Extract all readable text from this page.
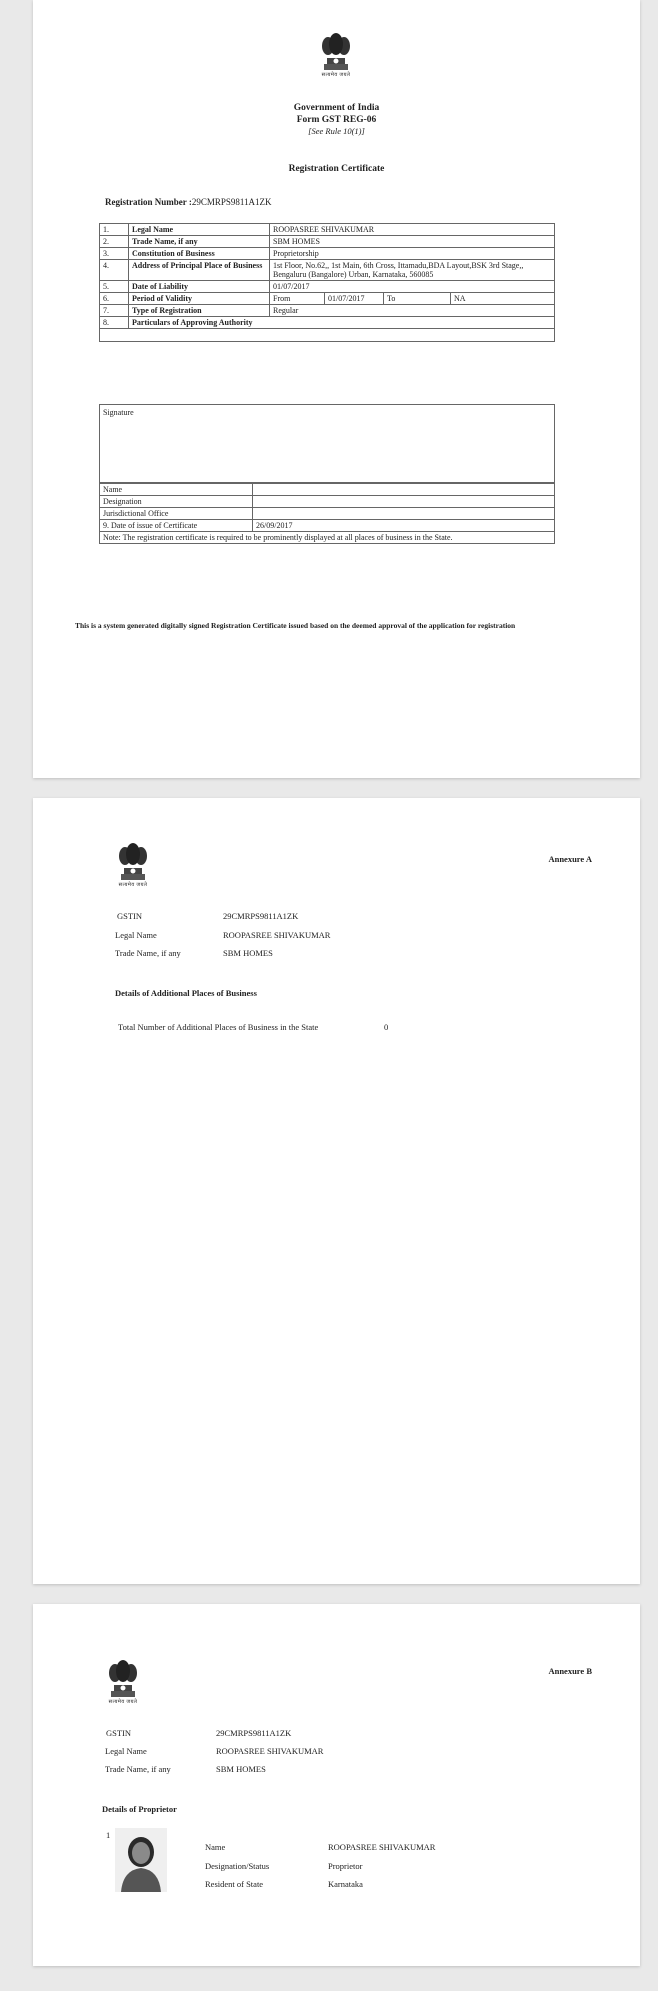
सत्यमेव जयते
Government of India
Form GST REG-06
[See Rule 10(1)]
Registration Certificate
Registration Number :29CMRPS9811A1ZK
1.	Legal Name	ROOPASREE SHIVAKUMAR			
2.	Trade Name, if any	SBM HOMES			
3.	Constitution of Business	Proprietorship			
4.	Address of Principal Place of Business	1st Floor, No.62,, 1st Main, 6th Cross, Ittamadu,BDA Layout,BSK 3rd Stage,, Bengaluru (Bangalore) Urban, Karnataka, 560085			
5.	Date of Liability	01/07/2017			
6.	Period of Validity	From	01/07/2017	To	NA
7.	Type of Registration	Regular			
8.	Particulars of Approving Authority				

Signature
Name	
Designation	
Jurisdictional Office	
9. Date of issue of Certificate	26/09/2017
Note: The registration certificate is required to be prominently displayed at all places of business in the State.	
This is a system generated digitally signed Registration Certificate issued based on the deemed approval of the application for registration
सत्यमेव जयते
Annexure A
GSTIN	29CMRPS9811A1ZK
Legal Name	ROOPASREE SHIVAKUMAR
Trade Name, if any	SBM HOMES
Details of Additional Places of Business
Total Number of Additional Places of Business in the State	0
सत्यमेव जयते
Annexure B
GSTIN	29CMRPS9811A1ZK
Legal Name	ROOPASREE SHIVAKUMAR
Trade Name, if any	SBM HOMES
Details of Proprietor
1
Name	ROOPASREE SHIVAKUMAR
Designation/Status	Proprietor
Resident of State	Karnataka
